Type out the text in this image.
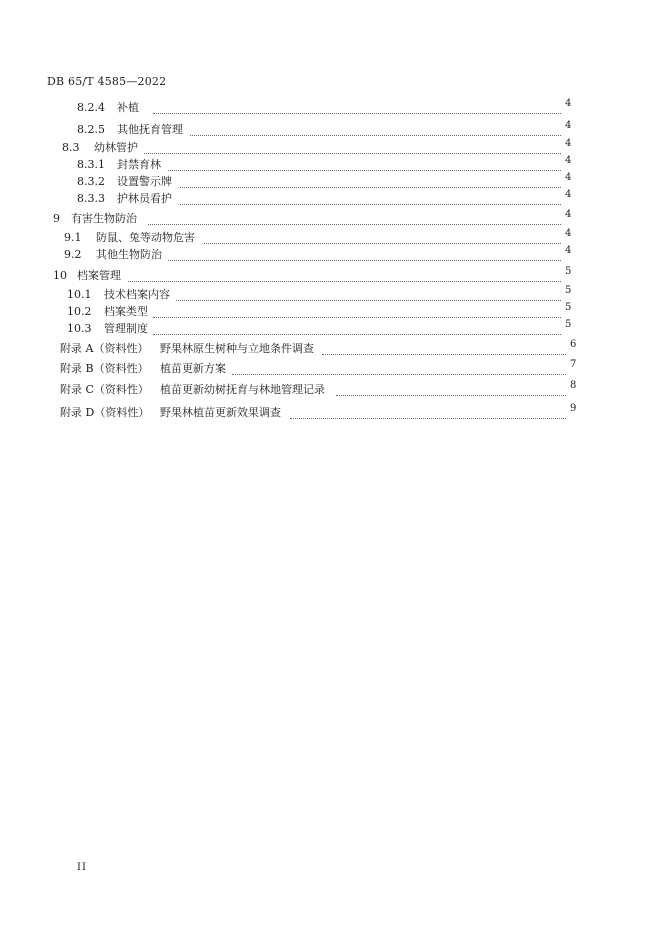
DB 65/T 4585—2022
8.2.4 补植	4
8.2.5 其他抚育管理	4
8.3 幼林管护	4
8.3.1 封禁育林	4
8.3.2 设置警示牌	4
8.3.3 护林员看护	4
9 有害生物防治	4
9.1 防鼠、兔等动物危害	4
9.2 其他生物防治	4
10 档案管理	5
10.1 技术档案内容	5
10.2 档案类型	5
10.3 管理制度	5
附录 A（资料性） 野果林原生树种与立地条件调查	6
附录 B（资料性） 植苗更新方案	7
附录 C（资料性） 植苗更新幼树抚育与林地管理记录	8
附录 D（资料性） 野果林植苗更新效果调查	9
II
